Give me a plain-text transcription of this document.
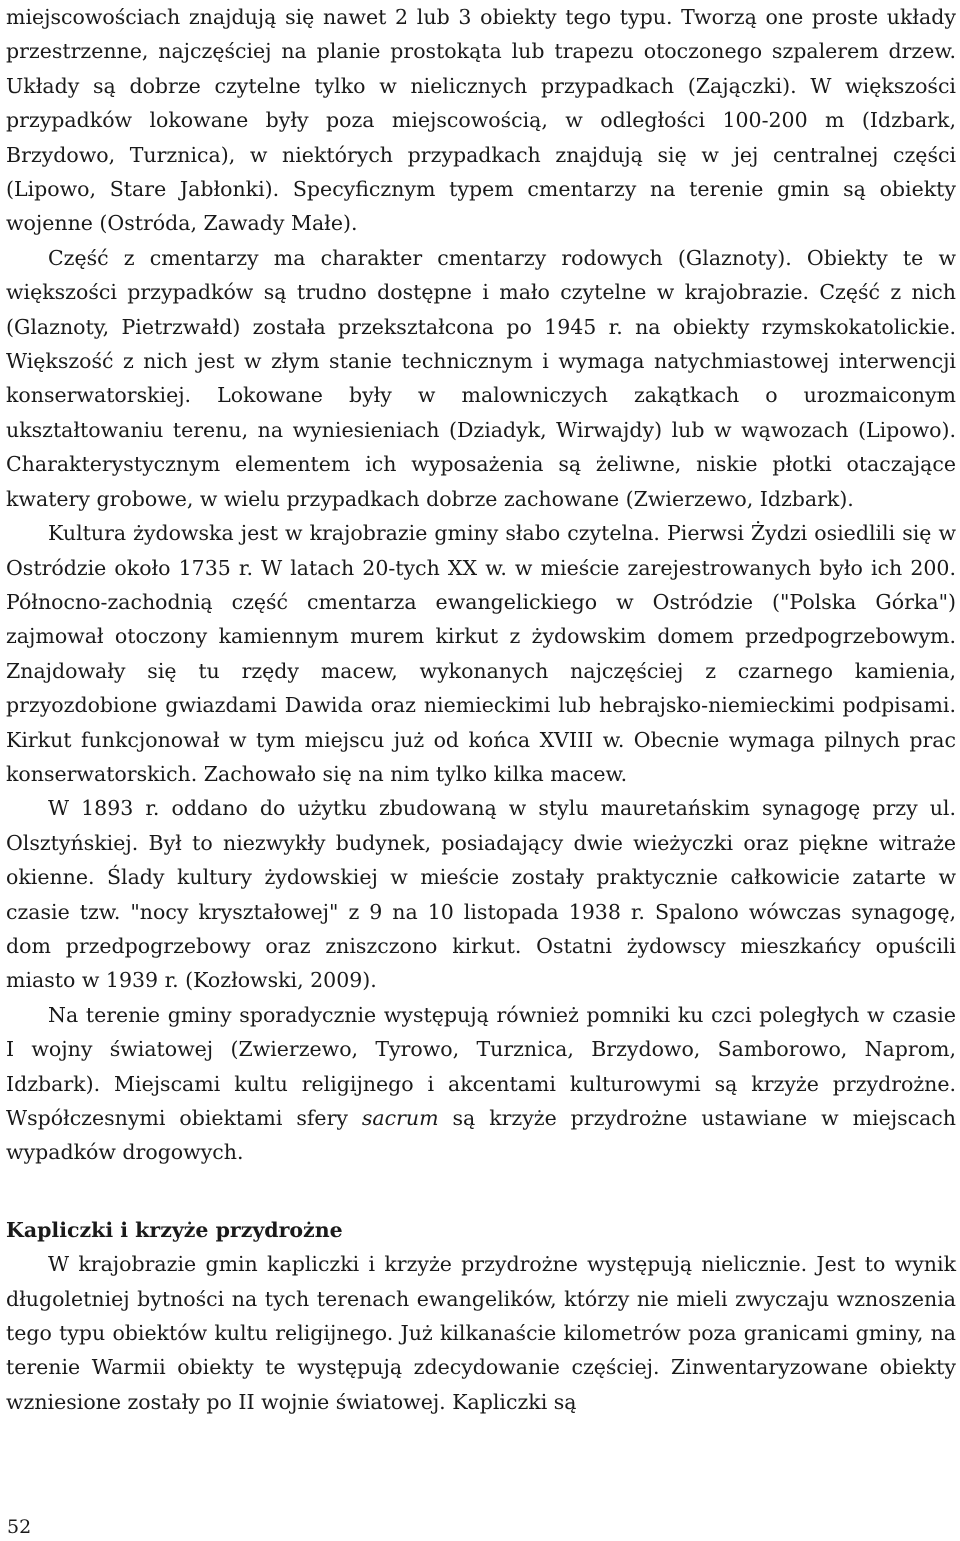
miejscowościach znajdują się nawet 2 lub 3 obiekty tego typu. Tworzą one proste układy przestrzenne, najczęściej na planie prostokąta lub trapezu otoczonego szpalerem drzew. Układy są dobrze czytelne tylko w nielicznych przypadkach (Zajączki). W większości przypadków lokowane były poza miejscowością, w odległości 100-200 m (Idzbark, Brzydowo, Turznica), w niektórych przypadkach znajdują się w jej centralnej części (Lipowo, Stare Jabłonki). Specyficznym typem cmentarzy na terenie gmin są obiekty wojenne (Ostróda, Zawady Małe).

Część z cmentarzy ma charakter cmentarzy rodowych (Glaznoty). Obiekty te w większości przypadków są trudno dostępne i mało czytelne w krajobrazie. Część z nich (Glaznoty, Pietrzwałd) została przekształcona po 1945 r. na obiekty rzymskokatolickie. Większość z nich jest w złym stanie technicznym i wymaga natychmiastowej interwencji konserwatorskiej. Lokowane były w malowniczych zakątkach o urozmaiconym ukształtowaniu terenu, na wyniesieniach (Dziadyk, Wirwajdy) lub w wąwozach (Lipowo). Charakterystycznym elementem ich wyposażenia są żeliwne, niskie płotki otaczające kwatery grobowe, w wielu przypadkach dobrze zachowane (Zwierzewo, Idzbark).

Kultura żydowska jest w krajobrazie gminy słabo czytelna. Pierwsi Żydzi osiedlili się w Ostródzie około 1735 r. W latach 20-tych XX w. w mieście zarejestrowanych było ich 200. Północno-zachodnią część cmentarza ewangelickiego w Ostródzie ("Polska Górka") zajmował otoczony kamiennym murem kirkut z żydowskim domem przedpogrzebowym. Znajdowały się tu rzędy macew, wykonanych najczęściej z czarnego kamienia, przyozdobione gwiazdami Dawida oraz niemieckimi lub hebrajsko-niemieckimi podpisami. Kirkut funkcjonował w tym miejscu już od końca XVIII w. Obecnie wymaga pilnych prac konserwatorskich. Zachowało się na nim tylko kilka macew.

W 1893 r. oddano do użytku zbudowaną w stylu mauretańskim synagogę przy ul. Olsztyńskiej. Był to niezwykły budynek, posiadający dwie wieżyczki oraz piękne witraże okienne. Ślady kultury żydowskiej w mieście zostały praktycznie całkowicie zatarte w czasie tzw. "nocy kryształowej" z 9 na 10 listopada 1938 r. Spalono wówczas synagogę, dom przedpogrzebowy oraz zniszczono kirkut. Ostatni żydowscy mieszkańcy opuścili miasto w 1939 r. (Kozłowski, 2009).

Na terenie gminy sporadycznie występują również pomniki ku czci poległych w czasie I wojny światowej (Zwierzewo, Tyrowo, Turznica, Brzydowo, Samborowo, Naprom, Idzbark). Miejscami kultu religijnego i akcentami kulturowymi są krzyże przydrożne. Współczesnymi obiektami sfery sacrum są krzyże przydrożne ustawiane w miejscach wypadków drogowych.

Kapliczki i krzyże przydrożne

W krajobrazie gmin kapliczki i krzyże przydrożne występują nielicznie. Jest to wynik długoletniej bytności na tych terenach ewangelików, którzy nie mieli zwyczaju wznoszenia tego typu obiektów kultu religijnego. Już kilkanaście kilometrów poza granicami gminy, na terenie Warmii obiekty te występują zdecydowanie częściej. Zinwentaryzowane obiekty wzniesione zostały po II wojnie światowej. Kapliczki są

52
